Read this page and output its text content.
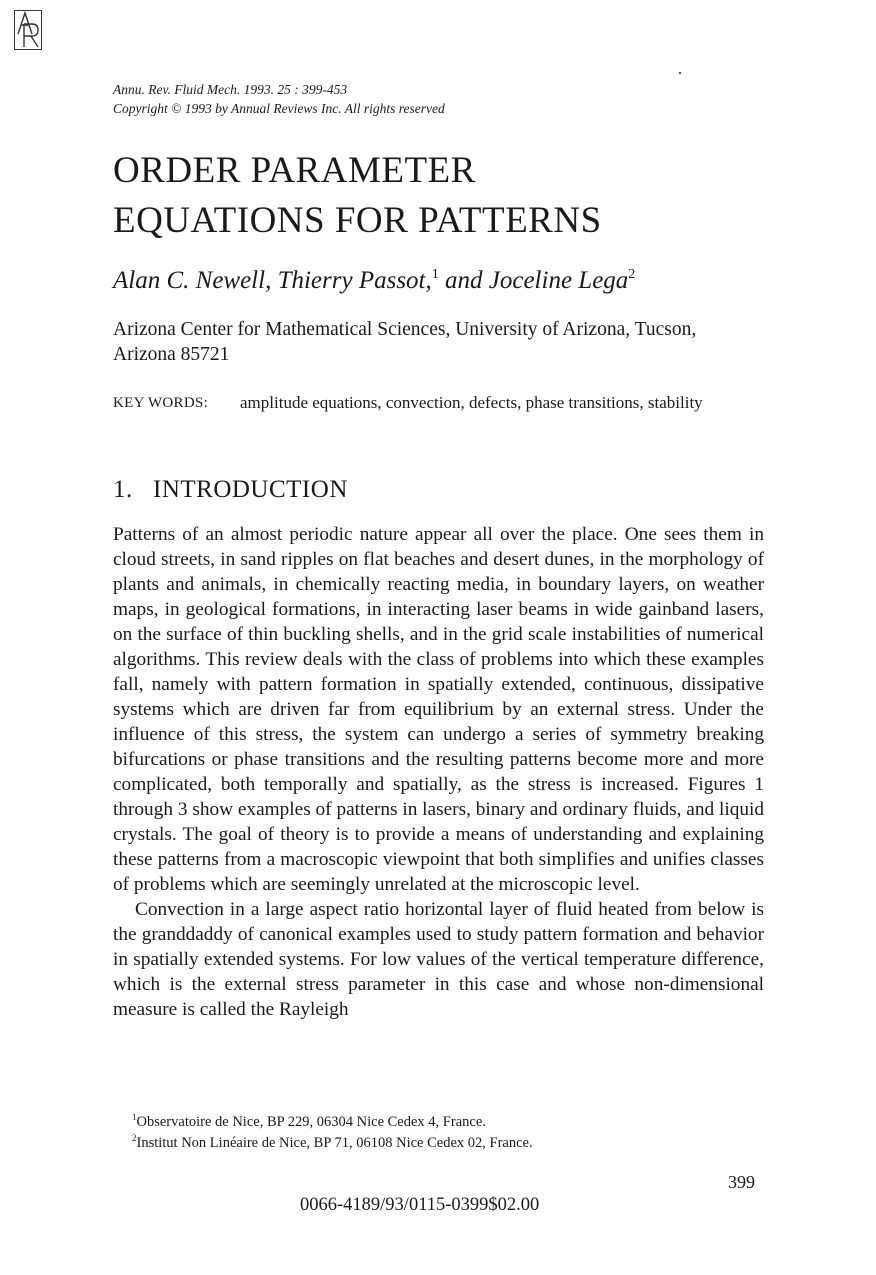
Annu. Rev. Fluid Mech. 1993. 25 : 399-453
Copyright © 1993 by Annual Reviews Inc. All rights reserved
ORDER PARAMETER
EQUATIONS FOR PATTERNS
Alan C. Newell, Thierry Passot,$^1$ and Joceline Lega$^2$
Arizona Center for Mathematical Sciences, University of Arizona, Tucson,
Arizona 85721
KEY WORDS: amplitude equations, convection, defects, phase transitions, stability
1. INTRODUCTION

Patterns of an almost periodic nature appear all over the place. One sees them in cloud streets, in sand ripples on flat beaches and desert dunes, in the morphology of plants and animals, in chemically reacting media, in boundary layers, on weather maps, in geological formations, in interacting laser beams in wide gainband lasers, on the surface of thin buckling shells, and in the grid scale instabilities of numerical algorithms. This review deals with the class of problems into which these examples fall, namely with pattern formation in spatially extended, continuous, dissipative systems which are driven far from equilibrium by an external stress. Under the influence of this stress, the system can undergo a series of symmetry breaking bifurcations or phase transitions and the resulting patterns become more and more complicated, both temporally and spatially, as the stress is increased. Figures 1 through 3 show examples of patterns in lasers, binary and ordinary fluids, and liquid crystals. The goal of theory is to provide a means of understanding and explaining these patterns from a macroscopic viewpoint that both simplifies and unifies classes of problems which are seemingly unrelated at the microscopic level.

Convection in a large aspect ratio horizontal layer of fluid heated from below is the granddaddy of canonical examples used to study pattern formation and behavior in spatially extended systems. For low values of the vertical temperature difference, which is the external stress parameter in this case and whose non-dimensional measure is called the Rayleigh

$^1$Observatoire de Nice, BP 229, 06304 Nice Cedex 4, France.
$^2$Institut Non Linéaire de Nice, BP 71, 06108 Nice Cedex 02, France.
399
0066-4189/93/0115-0399$02.00
